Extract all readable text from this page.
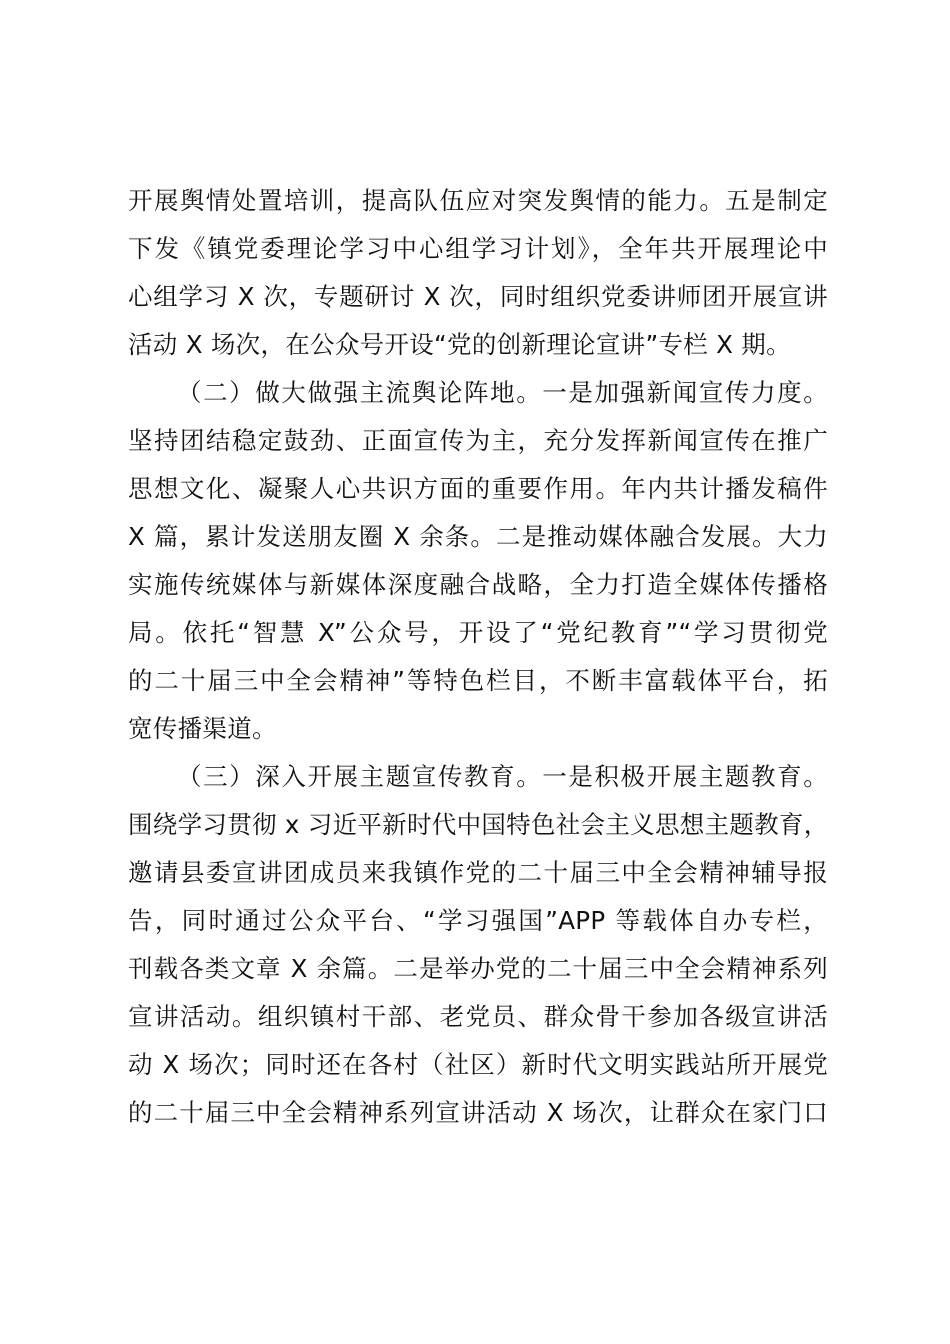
开展舆情处置培训，提高队伍应对突发舆情的能力。五是制定
下发《镇党委理论学习中心组学习计划》，全年共开展理论中
心组学习 X 次，专题研讨 X 次，同时组织党委讲师团开展宣讲
活动 X 场次，在公众号开设“党的创新理论宣讲”专栏 X 期。
（二）做大做强主流舆论阵地。一是加强新闻宣传力度。
坚持团结稳定鼓劲、正面宣传为主，充分发挥新闻宣传在推广
思想文化、凝聚人心共识方面的重要作用。年内共计播发稿件
X 篇，累计发送朋友圈 X 余条。二是推动媒体融合发展。大力
实施传统媒体与新媒体深度融合战略，全力打造全媒体传播格
局。依托“智慧 X”公众号，开设了“党纪教育”“学习贯彻党
的二十届三中全会精神”等特色栏目，不断丰富载体平台，拓
宽传播渠道。
（三）深入开展主题宣传教育。一是积极开展主题教育。
围绕学习贯彻 x 习近平新时代中国特色社会主义思想主题教育，
邀请县委宣讲团成员来我镇作党的二十届三中全会精神辅导报
告，同时通过公众平台、“学习强国”APP 等载体自办专栏，
刊载各类文章 X 余篇。二是举办党的二十届三中全会精神系列
宣讲活动。组织镇村干部、老党员、群众骨干参加各级宣讲活
动 X 场次；同时还在各村（社区）新时代文明实践站所开展党
的二十届三中全会精神系列宣讲活动 X 场次，让群众在家门口
